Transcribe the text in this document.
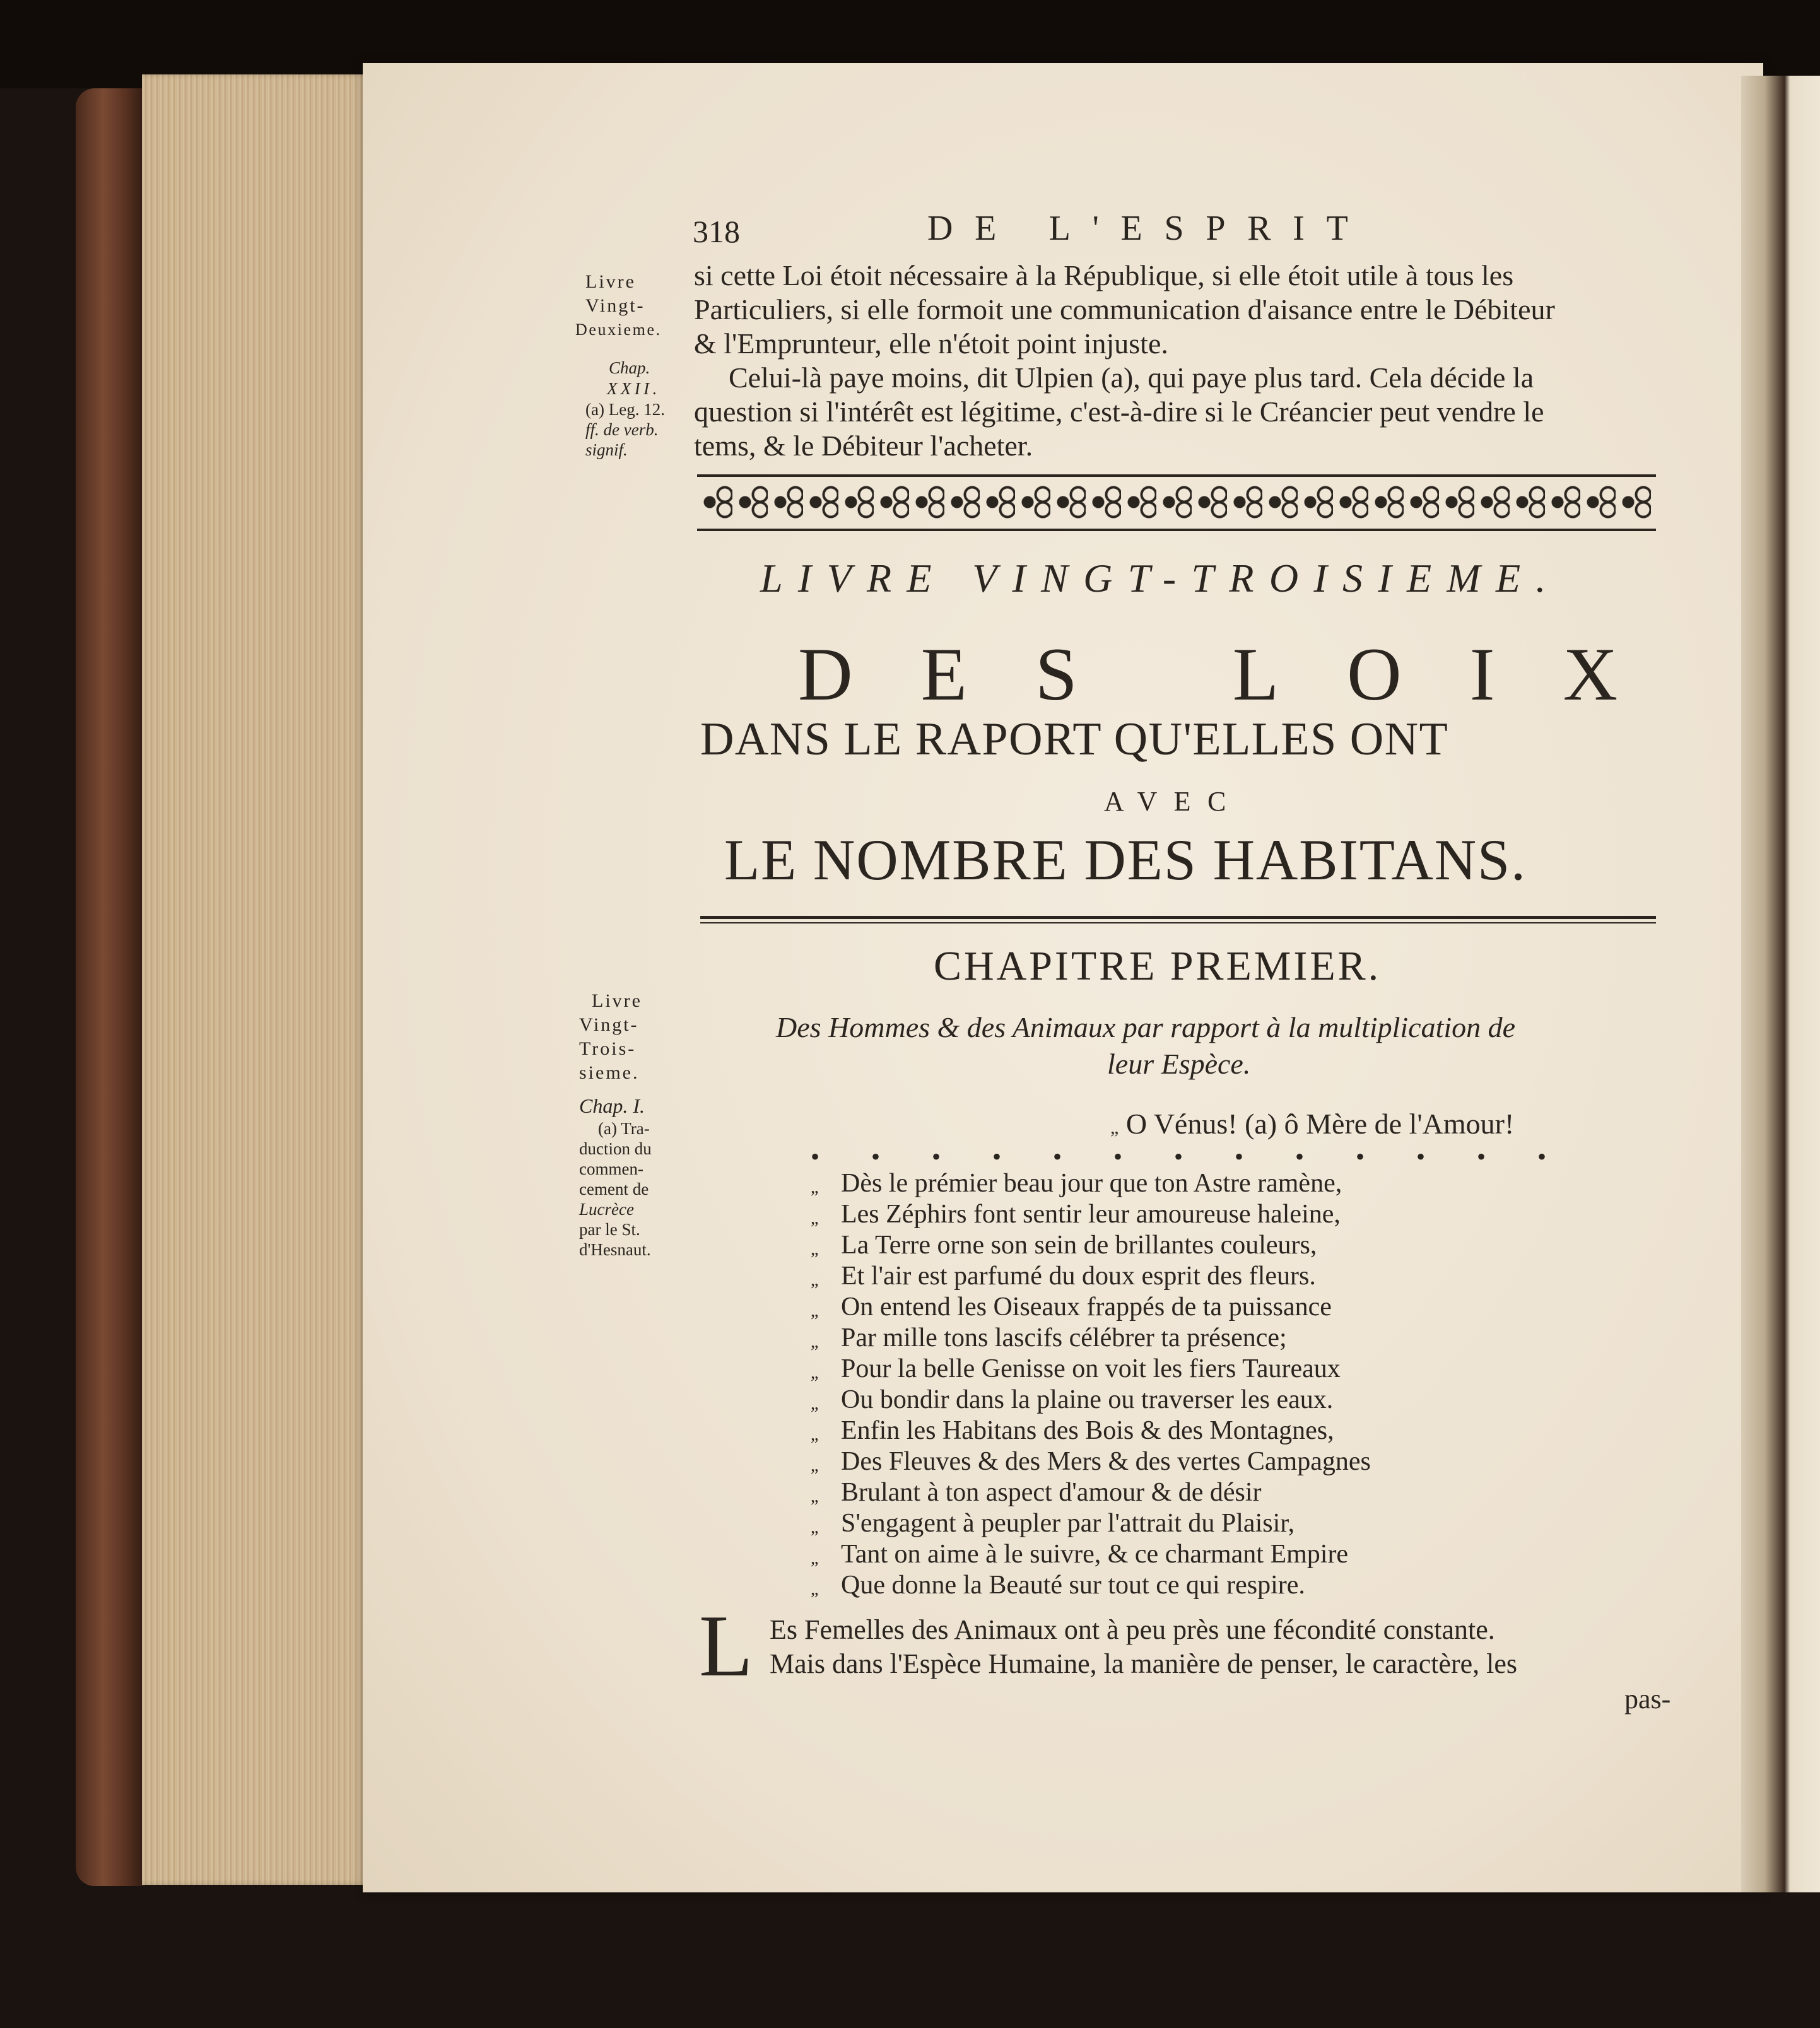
318	DE L'ESPRIT
Livre
Vingt-
Deuxieme.
Chap.
XXII.
(a) Leg. 12.
ff. de verb.
signif.
si cette Loi étoit nécessaire à la République, si elle étoit utile à tous les
Particuliers, si elle formoit une communication d'aisance entre le Débiteur
& l'Emprunteur, elle n'étoit point injuste.
Celui-là paye moins, dit Ulpien (a), qui paye plus tard. Cela décide la
question si l'intérêt est légitime, c'est-à-dire si le Créancier peut vendre le
tems, & le Débiteur l'acheter.
LIVRE VINGT-TROISIEME.
DES LOIX
DANS LE RAPORT QU'ELLES ONT
AVEC
LE NOMBRE DES HABITANS.
CHAPITRE PREMIER.
Des Hommes & des Animaux par rapport à la multiplication de
leur Espèce.
Livre
Vingt-
Trois-
sieme.
Chap. I.
(a) Tra-
duction du
commen-
cement de
Lucrèce
par le St.
d'Hesnaut.
„ O Vénus! (a) ô Mère de l'Amour!
• • • • • • • • • • • • •
„ Dès le prémier beau jour que ton Astre ramène,
„ Les Zéphirs font sentir leur amoureuse haleine,
„ La Terre orne son sein de brillantes couleurs,
„ Et l'air est parfumé du doux esprit des fleurs.
„ On entend les Oiseaux frappés de ta puissance
„ Par mille tons lascifs célébrer ta présence;
„ Pour la belle Genisse on voit les fiers Taureaux
„ Ou bondir dans la plaine ou traverser les eaux.
„ Enfin les Habitans des Bois & des Montagnes,
„ Des Fleuves & des Mers & des vertes Campagnes
„ Brulant à ton aspect d'amour & de désir
„ S'engagent à peupler par l'attrait du Plaisir,
„ Tant on aime à le suivre, & ce charmant Empire
„ Que donne la Beauté sur tout ce qui respire.
L Es Femelles des Animaux ont à peu près une fécondité constante.
Mais dans l'Espèce Humaine, la manière de penser, le caractère, les
pas-
